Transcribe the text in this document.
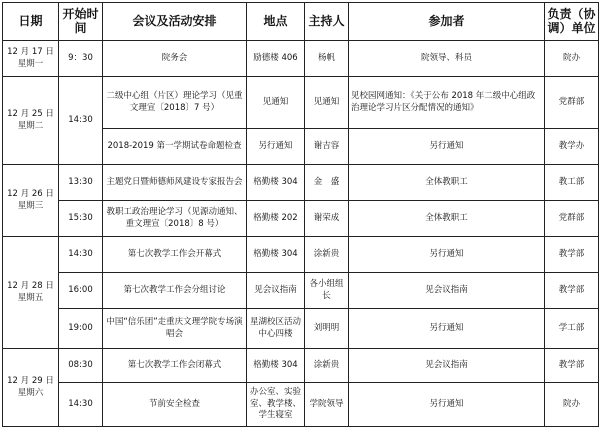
日期	开始时间	会议及活动安排	地点	主持人	参加者	负责（协调）单位
12 月 17 日
星期一	9：30	院务会	励德楼 406	杨帆	院领导、科员	院办
12 月 25 日
星期二	14:30	二级中心组（片区）理论学习（见重文理宣〔2018〕7 号）	见通知	见通知	见校园网通知：《关于公布 2018 年二级中心组政治理论学习片区分配情况的通知》	党群部
		2018-2019 第一学期试卷命题检查	另行通知	谢吉容	另行通知	教学办
12 月 26 日
星期三	13:30	主题党日暨师德师风建设专家报告会	格勤楼 304	金　盛	全体教职工	教工部
	15:30	教职工政治理论学习（见源动通知、重文理宣〔2018〕8 号）	格勤楼 202	谢荣成	全体教职工	党群部
12 月 28 日
星期五	14:30	第七次教学工作会开幕式	格勤楼 304	涂新贵	另行通知	教学部
	16:00	第七次教学工作会分组讨论	见会议指南	各小组组长	见会议指南	教学部
	19:00	中国“信乐团”走重庆文理学院专场演唱会	星湖校区活动中心四楼	刘明明	另行通知	学工部
12 月 29 日
星期六	08:30	第七次教学工作会闭幕式	格勤楼 304	涂新贵	见会议指南	教学部
	14:30	节前安全检查	办公室、实验室、教学楼、学生寝室	学院领导	另行通知	院办
